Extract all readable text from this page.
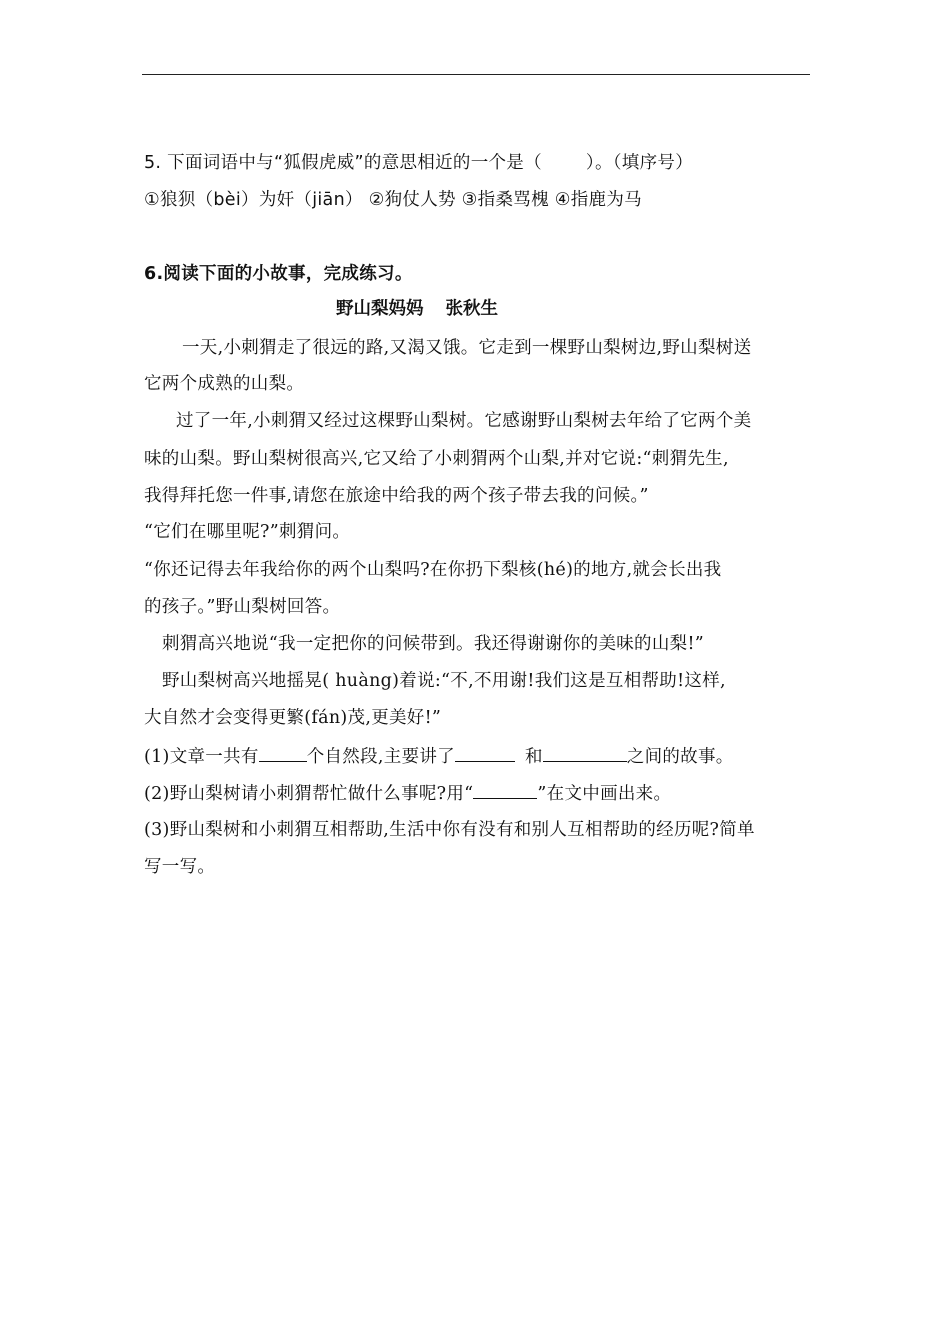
5. 下面词语中与“狐假虎威”的意思相近的一个是（	）。（填序号）
①狼狈（bèi）为奸（jiān） ②狗仗人势 ③指桑骂槐 ④指鹿为马
6.阅读下面的小故事，完成练习。
野山梨妈妈 张秋生
一天,小刺猬走了很远的路,又渴又饿。它走到一棵野山梨树边,野山梨树送
它两个成熟的山梨。
过了一年,小刺猬又经过这棵野山梨树。它感谢野山梨树去年给了它两个美
味的山梨。野山梨树很高兴,它又给了小刺猬两个山梨,并对它说:“刺猬先生,
我得拜托您一件事,请您在旅途中给我的两个孩子带去我的问候。”
“它们在哪里呢?”刺猬问。
“你还记得去年我给你的两个山梨吗?在你扔下梨核(hé)的地方,就会长出我
的孩子。”野山梨树回答。
刺猬高兴地说“我一定把你的问候带到。我还得谢谢你的美味的山梨!”
野山梨树高兴地摇晃( huàng)着说:“不,不用谢!我们这是互相帮助!这样,
大自然才会变得更繁(fán)茂,更美好!”
(1)文章一共有	个自然段,主要讲了	和	之间的故事。
(2)野山梨树请小刺猬帮忙做什么事呢?用“	”在文中画出来。
(3)野山梨树和小刺猬互相帮助,生活中你有没有和别人互相帮助的经历呢?简单
写一写。
